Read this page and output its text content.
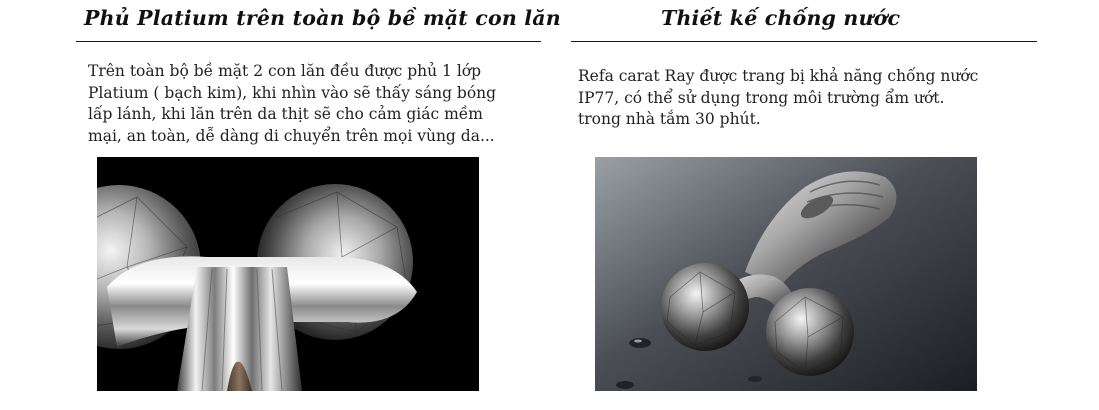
Phủ Platium trên toàn bộ bề mặt con lăn
Trên toàn bộ bề mặt 2 con lăn đều được phủ 1 lớp
Platium ( bạch kim), khi nhìn vào sẽ thấy sáng bóng
lấp lánh, khi lăn trên da thịt sẽ cho cảm giác mềm
mại, an toàn, dễ dàng di chuyển trên mọi vùng da...
Thiết kế chống nước
Refa carat Ray được trang bị khả năng chống nước
IP77, có thể sử dụng trong môi trường ẩm ướt.
trong nhà tắm 30 phút.
